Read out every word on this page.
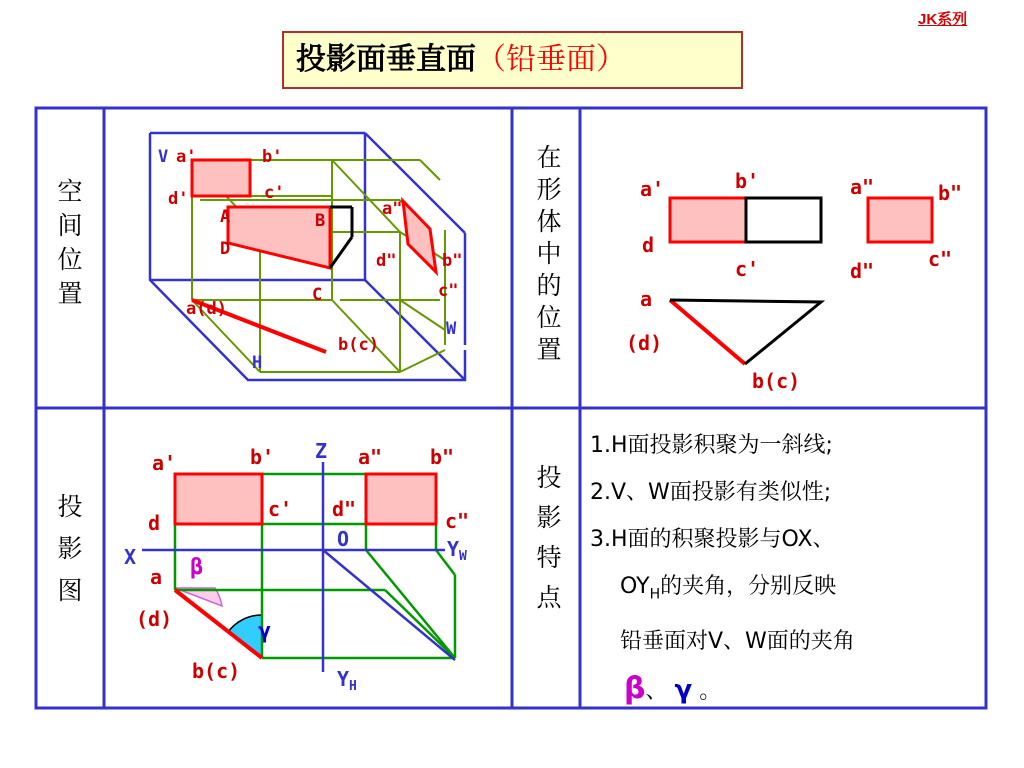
JK系列
投影面垂直面（铅垂面）
V a'	b'
d'	c'
A	B
D
C
a"
d"	b"
c"
a(d)
b(c)
H
W
a'	b'
d
c'
a"	b"
d"	c"
a
(d)
b(c)
a'	b'
d
c'
a" b"
d"	c"
a
(d)
b(c)
X
Z
O	$Y_W$
$Y_H$
β
γ
空间位置
投影图
在形体中的位置
投影特点
1.H面投影积聚为一斜线;
2.V、W面投影有类似性;
3.H面的积聚投影与OX、
$OY_H$的夹角，分别反映
铅垂面对V、W面的夹角
β、 γ 。
